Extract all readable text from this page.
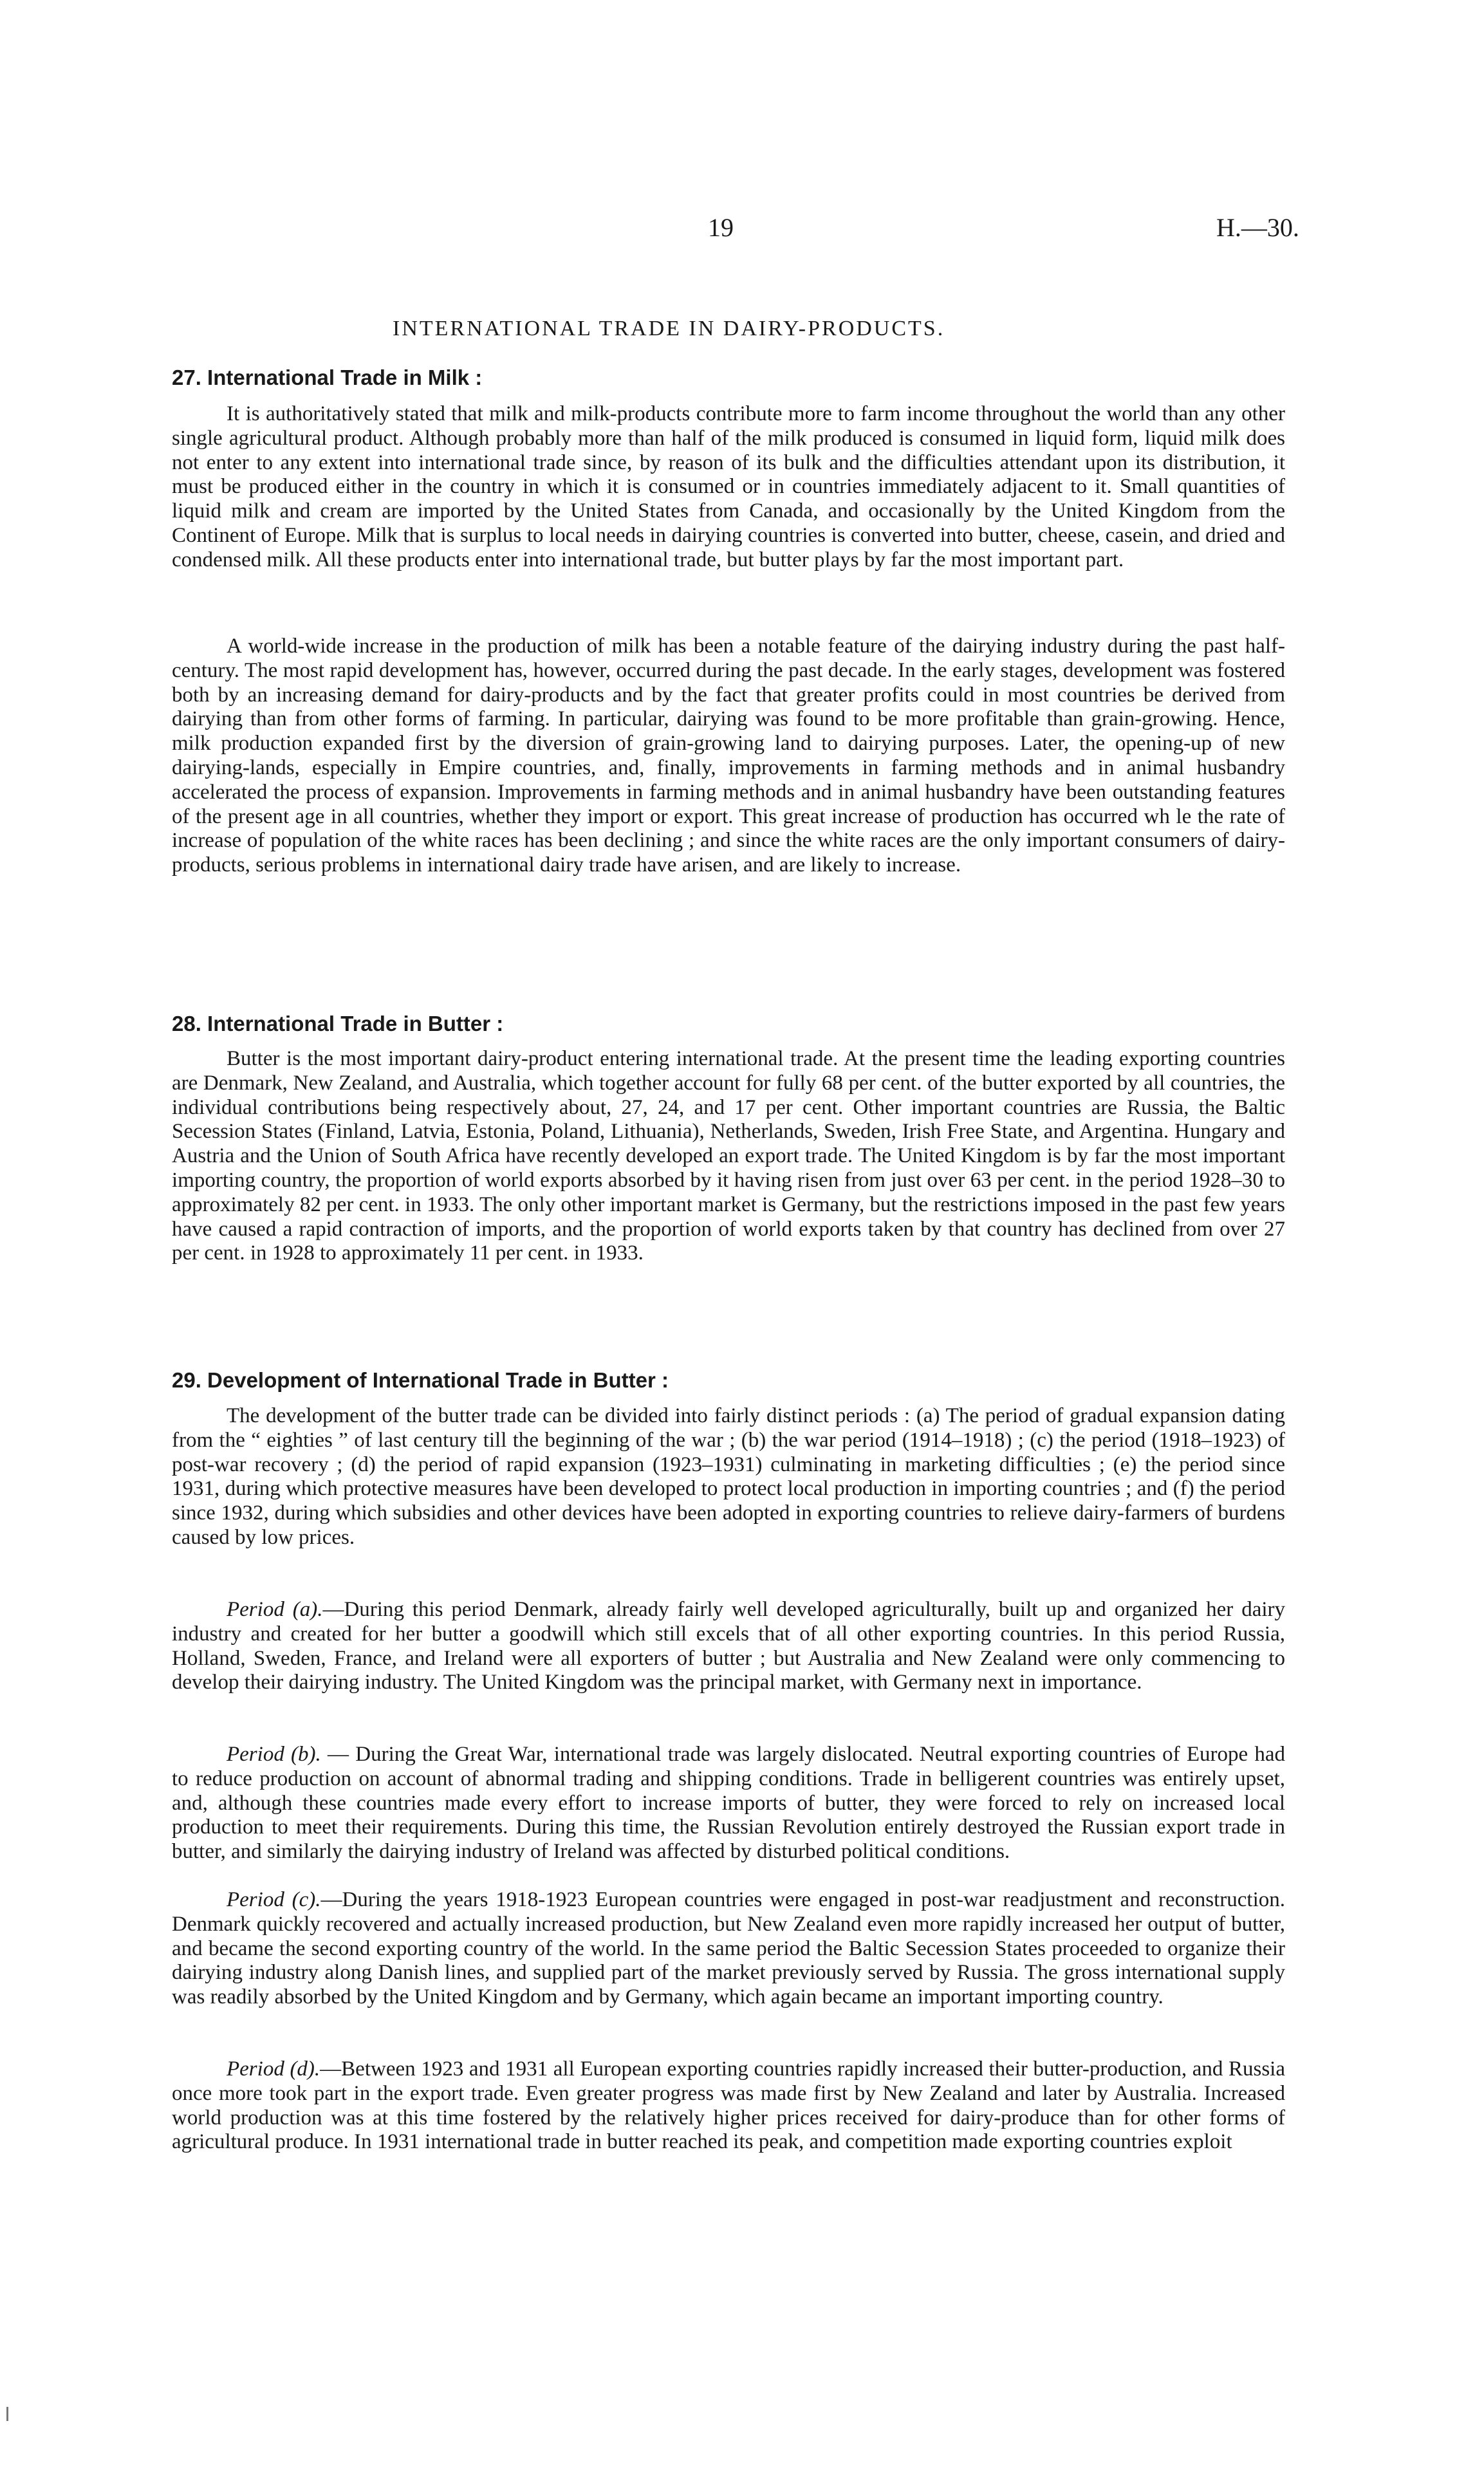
19	H.—30.
INTERNATIONAL TRADE IN DAIRY-PRODUCTS.
27. International Trade in Milk :

It is authoritatively stated that milk and milk-products contribute more to farm income throughout the world than any other single agricultural product. Although probably more than half of the milk produced is consumed in liquid form, liquid milk does not enter to any extent into international trade since, by reason of its bulk and the difficulties attendant upon its distribution, it must be produced either in the country in which it is consumed or in countries immediately adjacent to it. Small quantities of liquid milk and cream are imported by the United States from Canada, and occasionally by the United Kingdom from the Continent of Europe. Milk that is surplus to local needs in dairying countries is converted into butter, cheese, casein, and dried and condensed milk. All these products enter into international trade, but butter plays by far the most important part.

A world-wide increase in the production of milk has been a notable feature of the dairying industry during the past half-century. The most rapid development has, however, occurred during the past decade. In the early stages, development was fostered both by an increasing demand for dairy-products and by the fact that greater profits could in most countries be derived from dairying than from other forms of farming. In particular, dairying was found to be more profitable than grain-growing. Hence, milk production expanded first by the diversion of grain-growing land to dairying purposes. Later, the opening-up of new dairying-lands, especially in Empire countries, and, finally, improvements in farming methods and in animal husbandry accelerated the process of expansion. Improvements in farming methods and in animal husbandry have been outstanding features of the present age in all countries, whether they import or export. This great increase of production has occurred wh le the rate of increase of population of the white races has been declining ; and since the white races are the only important consumers of dairy-products, serious problems in international dairy trade have arisen, and are likely to increase.

28. International Trade in Butter :

Butter is the most important dairy-product entering international trade. At the present time the leading exporting countries are Denmark, New Zealand, and Australia, which together account for fully 68 per cent. of the butter exported by all countries, the individual contributions being respectively about, 27, 24, and 17 per cent. Other important countries are Russia, the Baltic Secession States (Finland, Latvia, Estonia, Poland, Lithuania), Netherlands, Sweden, Irish Free State, and Argentina. Hungary and Austria and the Union of South Africa have recently developed an export trade. The United Kingdom is by far the most important importing country, the proportion of world exports absorbed by it having risen from just over 63 per cent. in the period 1928–30 to approximately 82 per cent. in 1933. The only other important market is Germany, but the restrictions imposed in the past few years have caused a rapid contraction of imports, and the proportion of world exports taken by that country has declined from over 27 per cent. in 1928 to approximately 11 per cent. in 1933.

29. Development of International Trade in Butter :

The development of the butter trade can be divided into fairly distinct periods : (a) The period of gradual expansion dating from the “ eighties ” of last century till the beginning of the war ; (b) the war period (1914–1918) ; (c) the period (1918–1923) of post-war recovery ; (d) the period of rapid expansion (1923–1931) culminating in marketing difficulties ; (e) the period since 1931, during which protective measures have been developed to protect local production in importing countries ; and (f) the period since 1932, during which subsidies and other devices have been adopted in exporting countries to relieve dairy-farmers of burdens caused by low prices.

Period (a).—During this period Denmark, already fairly well developed agriculturally, built up and organized her dairy industry and created for her butter a goodwill which still excels that of all other exporting countries. In this period Russia, Holland, Sweden, France, and Ireland were all exporters of butter ; but Australia and New Zealand were only commencing to develop their dairying industry. The United Kingdom was the principal market, with Germany next in importance.

Period (b). — During the Great War, international trade was largely dislocated. Neutral exporting countries of Europe had to reduce production on account of abnormal trading and shipping conditions. Trade in belligerent countries was entirely upset, and, although these countries made every effort to increase imports of butter, they were forced to rely on increased local production to meet their requirements. During this time, the Russian Revolution entirely destroyed the Russian export trade in butter, and similarly the dairying industry of Ireland was affected by disturbed political conditions.

Period (c).—During the years 1918-1923 European countries were engaged in post-war readjustment and reconstruction. Denmark quickly recovered and actually increased production, but New Zealand even more rapidly increased her output of butter, and became the second exporting country of the world. In the same period the Baltic Secession States proceeded to organize their dairying industry along Danish lines, and supplied part of the market previously served by Russia. The gross international supply was readily absorbed by the United Kingdom and by Germany, which again became an important importing country.

Period (d).—Between 1923 and 1931 all European exporting countries rapidly increased their butter-production, and Russia once more took part in the export trade. Even greater progress was made first by New Zealand and later by Australia. Increased world production was at this time fostered by the relatively higher prices received for dairy-produce than for other forms of agricultural produce. In 1931 international trade in butter reached its peak, and competition made exporting countries exploit
